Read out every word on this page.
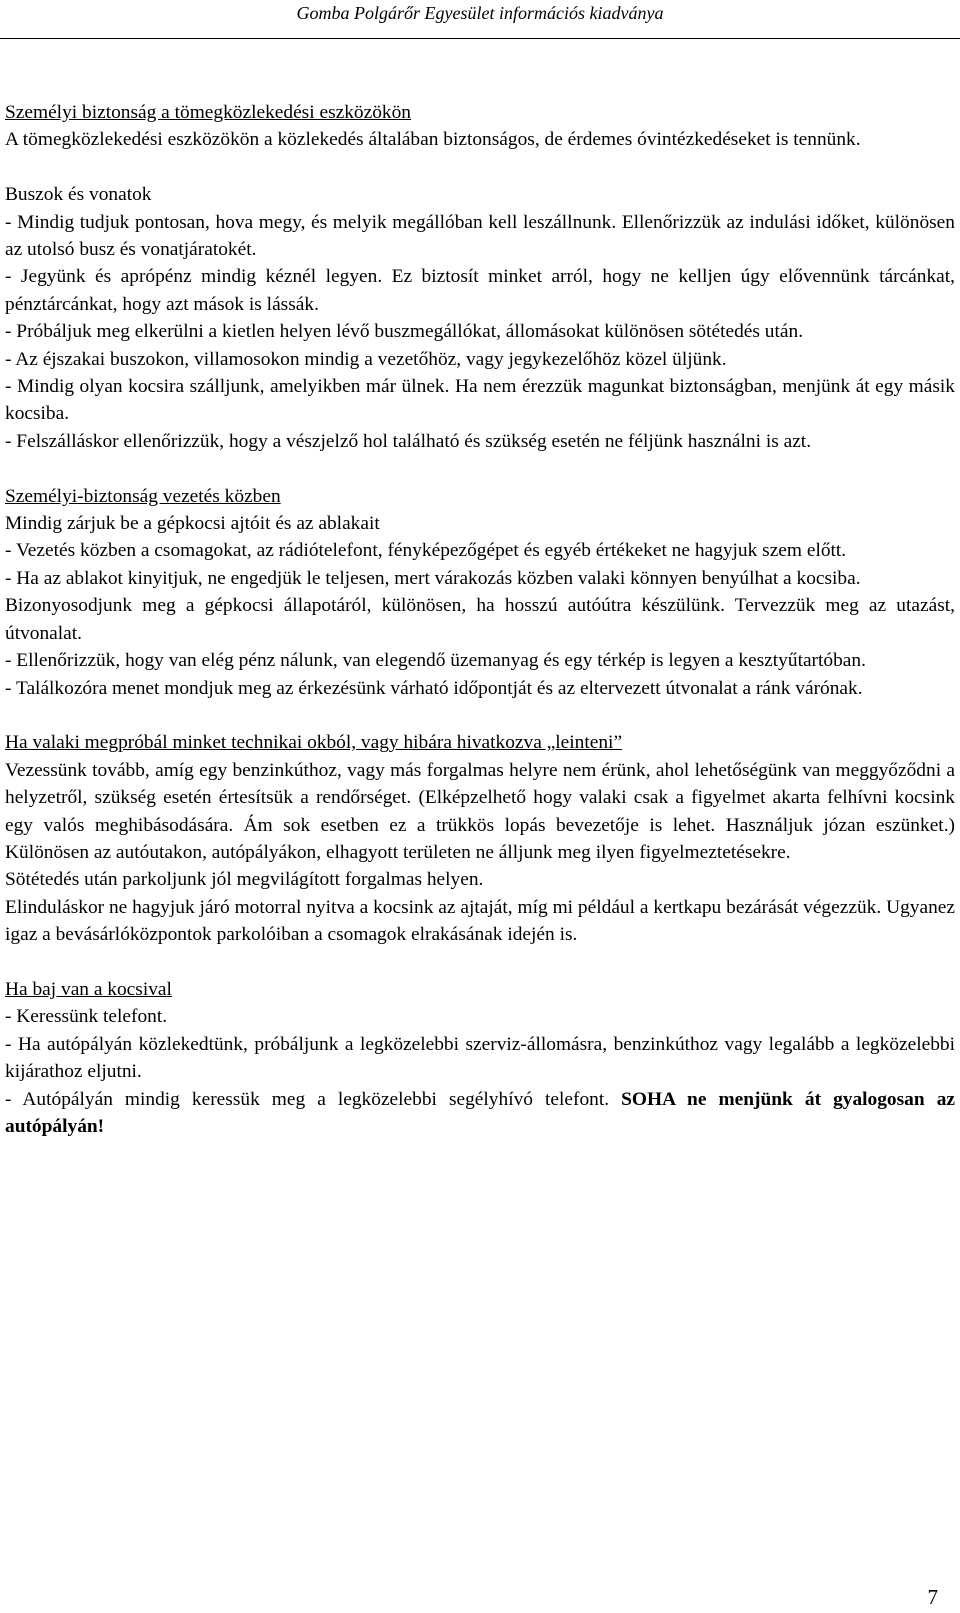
Gomba Polgárőr Egyesület információs kiadványa

Személyi biztonság a tömegközlekedési eszközökön

A tömegközlekedési eszközökön a közlekedés általában biztonságos, de érdemes óvintézkedéseket is tennünk.

Buszok és vonatok

- Mindig tudjuk pontosan, hova megy, és melyik megállóban kell leszállnunk. Ellenőrizzük az indulási időket, különösen az utolsó busz és vonatjáratokét.

- Jegyünk és aprópénz mindig kéznél legyen. Ez biztosít minket arról, hogy ne kelljen úgy elővennünk tárcánkat, pénztárcánkat, hogy azt mások is lássák.

- Próbáljuk meg elkerülni a kietlen helyen lévő buszmegállókat, állomásokat különösen sötétedés után.

- Az éjszakai buszokon, villamosokon mindig a vezetőhöz, vagy jegykezelőhöz közel üljünk.

- Mindig olyan kocsira szálljunk, amelyikben már ülnek. Ha nem érezzük magunkat biztonságban, menjünk át egy másik kocsiba.

- Felszálláskor ellenőrizzük, hogy a vészjelző hol található és szükség esetén ne féljünk használni is azt.

Személyi-biztonság vezetés közben

Mindig zárjuk be a gépkocsi ajtóit és az ablakait

- Vezetés közben a csomagokat, az rádiótelefont, fényképezőgépet és egyéb értékeket ne hagyjuk szem előtt.

- Ha az ablakot kinyitjuk, ne engedjük le teljesen, mert várakozás közben valaki könnyen benyúlhat a kocsiba.

Bizonyosodjunk meg a gépkocsi állapotáról, különösen, ha hosszú autóútra készülünk. Tervezzük meg az utazást, útvonalat.

- Ellenőrizzük, hogy van elég pénz nálunk, van elegendő üzemanyag és egy térkép is legyen a kesztyűtartóban.

- Találkozóra menet mondjuk meg az érkezésünk várható időpontját és az eltervezett útvonalat a ránk várónak.

Ha valaki megpróbál minket technikai okból, vagy hibára hivatkozva „leinteni”

Vezessünk tovább, amíg egy benzinkúthoz, vagy más forgalmas helyre nem érünk, ahol lehetőségünk van meggyőződni a helyzetről, szükség esetén értesítsük a rendőrséget. (Elképzelhető hogy valaki csak a figyelmet akarta felhívni kocsink egy valós meghibásodására. Ám sok esetben ez a trükkös lopás bevezetője is lehet. Használjuk józan eszünket.) Különösen az autóutakon, autópályákon, elhagyott területen ne álljunk meg ilyen figyelmeztetésekre.

Sötétedés után parkoljunk jól megvilágított forgalmas helyen.

Elinduláskor ne hagyjuk járó motorral nyitva a kocsink az ajtaját, míg mi például a kertkapu bezárását végezzük. Ugyanez igaz a bevásárlóközpontok parkolóiban a csomagok elrakásának idején is.

Ha baj van a kocsival

- Keressünk telefont.

- Ha autópályán közlekedtünk, próbáljunk a legközelebbi szerviz-állomásra, benzinkúthoz vagy legalább a legközelebbi kijárathoz eljutni.

- Autópályán mindig keressük meg a legközelebbi segélyhívó telefont. SOHA ne menjünk át gyalogosan az autópályán!

7
